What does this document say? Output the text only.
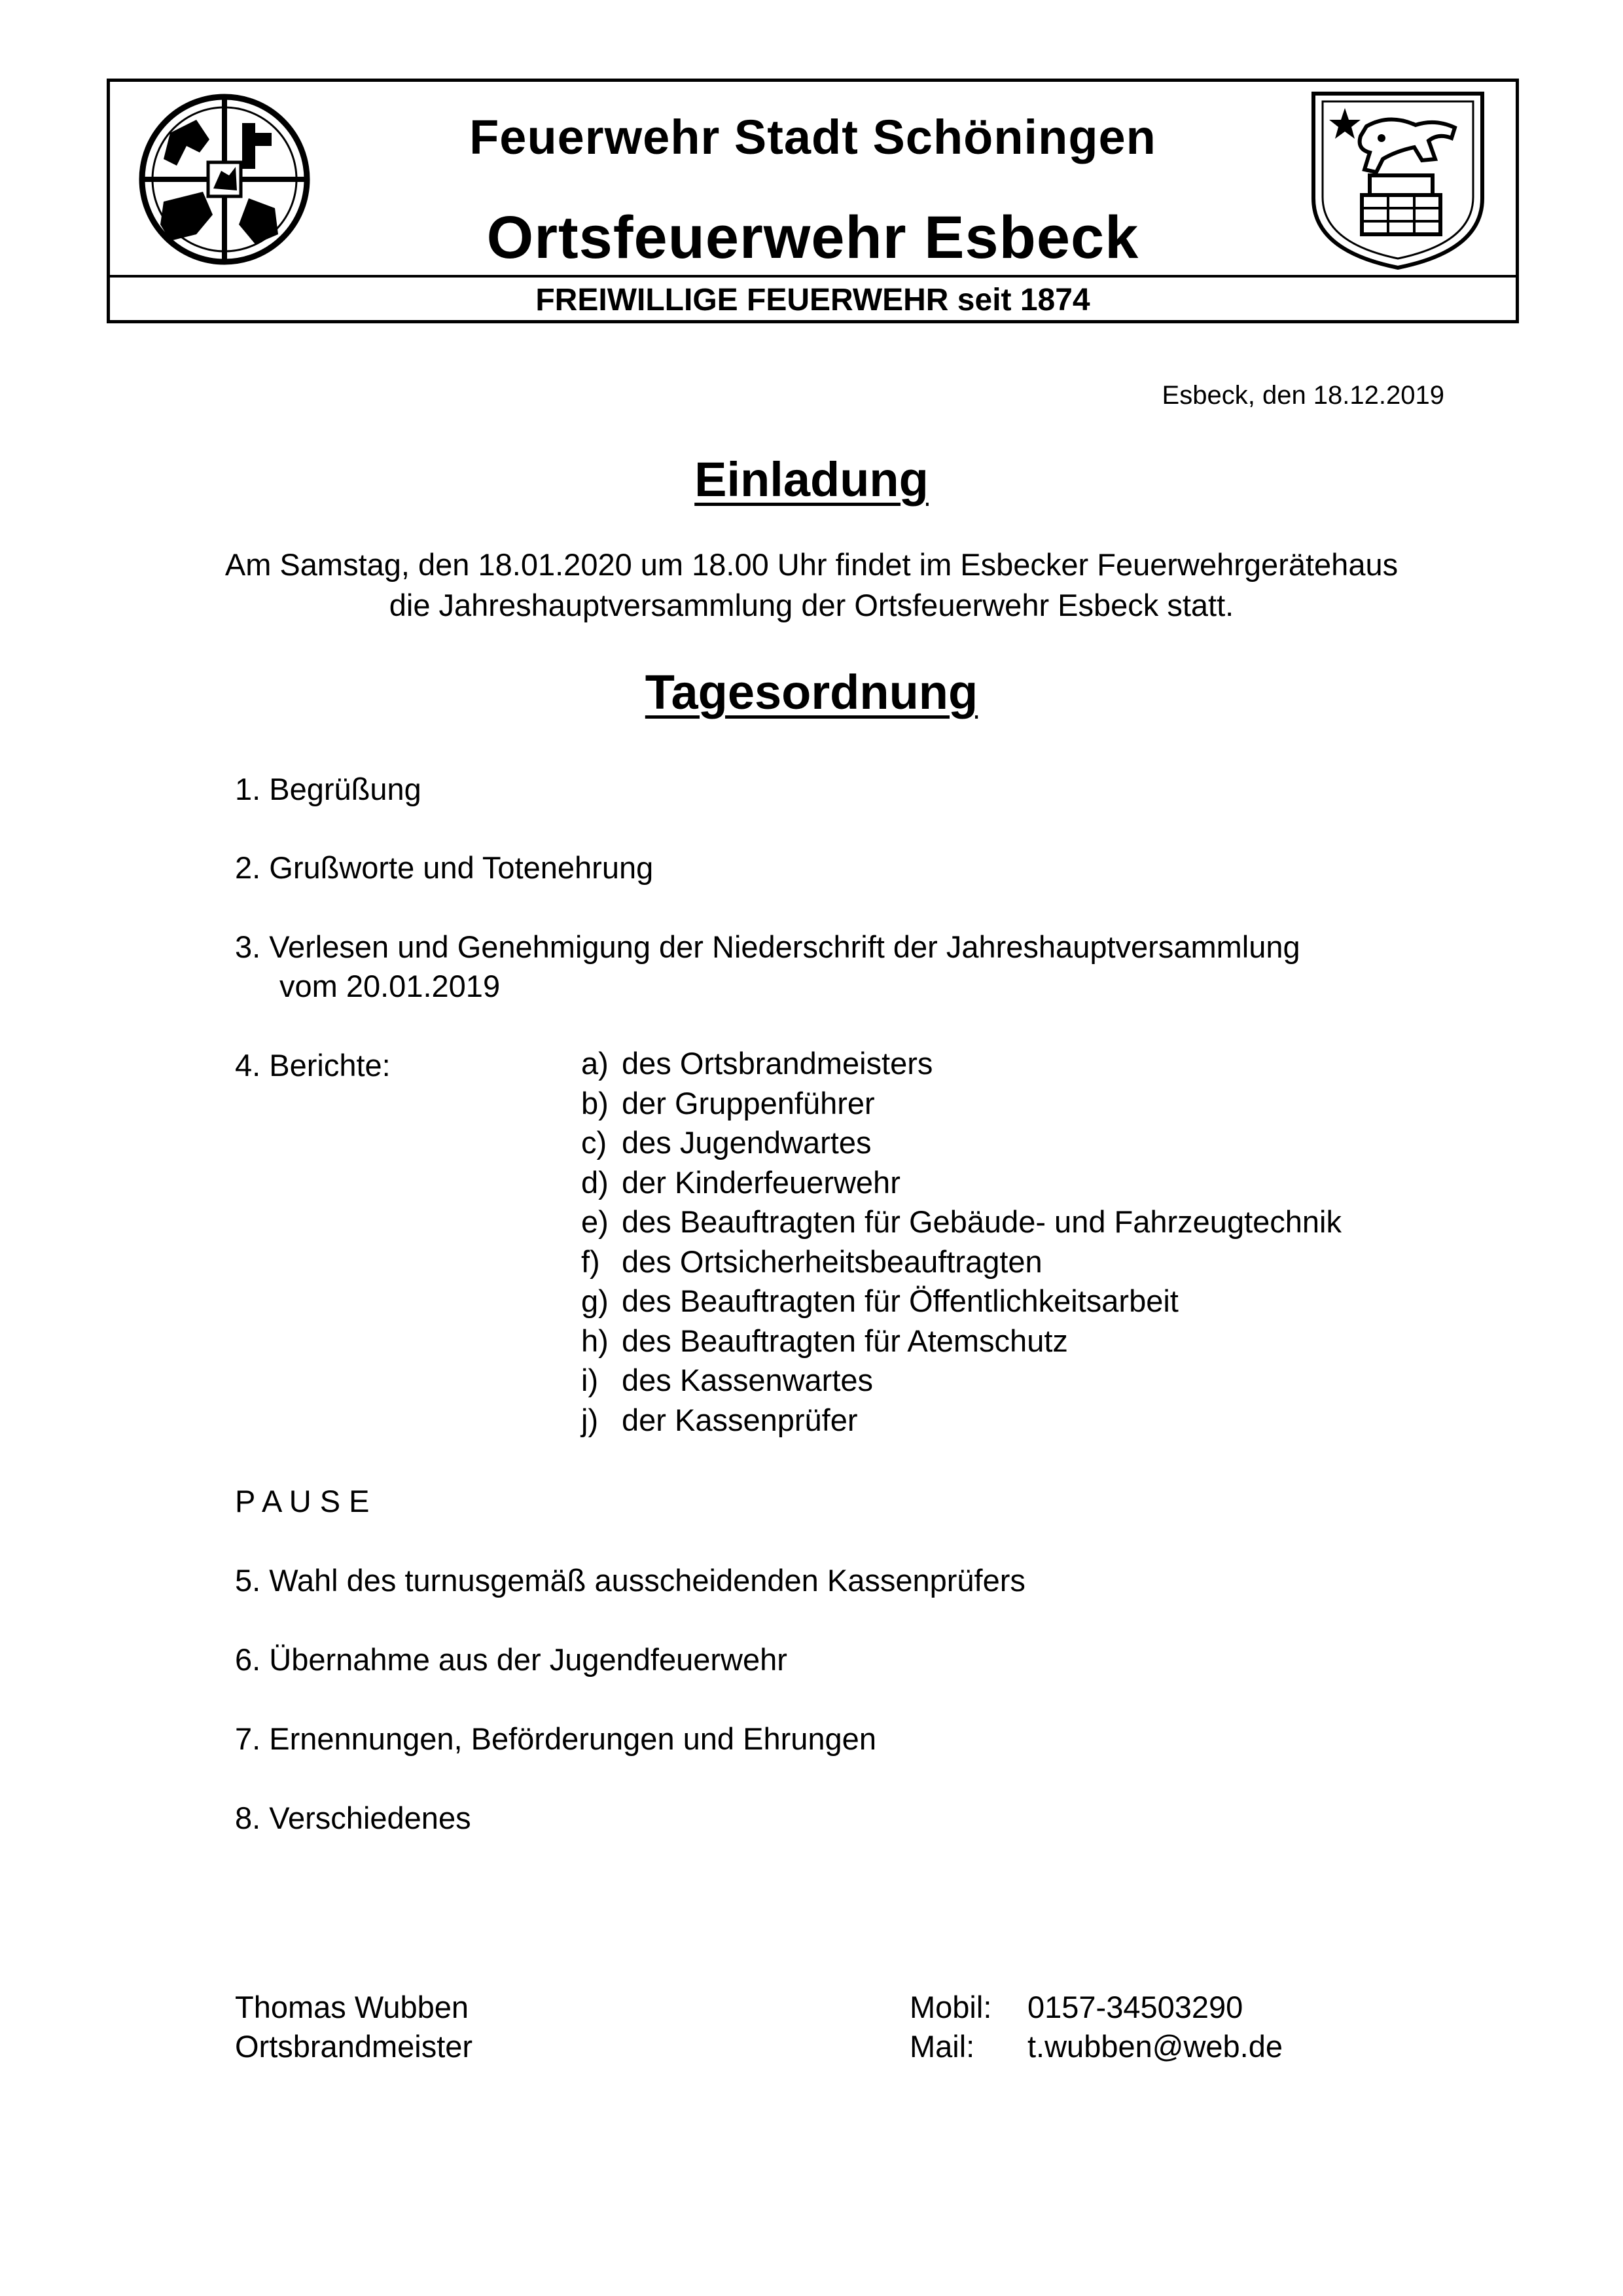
Feuerwehr Stadt Schöningen
Ortsfeuerwehr Esbeck
FREIWILLIGE FEUERWEHR seit 1874
Esbeck, den 18.12.2019
Einladung
Am Samstag, den 18.01.2020 um 18.00 Uhr findet im Esbecker Feuerwehrgerätehaus
die Jahreshauptversammlung der Ortsfeuerwehr Esbeck statt.
Tagesordnung
1. Begrüßung
2. Grußworte und Totenehrung
3. Verlesen und Genehmigung der Niederschrift der Jahreshauptversammlung
vom 20.01.2019
4. Berichte:	a) des Ortsbrandmeisters
b) der Gruppenführer
c) des Jugendwartes
d) der Kinderfeuerwehr
e) des Beauftragten für Gebäude- und Fahrzeugtechnik
f) des Ortsicherheitsbeauftragten
g) des Beauftragten für Öffentlichkeitsarbeit
h) des Beauftragten für Atemschutz
i) des Kassenwartes
j) der Kassenprüfer
P A U S E
5. Wahl des turnusgemäß ausscheidenden Kassenprüfers
6. Übernahme aus der Jugendfeuerwehr
7. Ernennungen, Beförderungen und Ehrungen
8. Verschiedenes
Thomas Wubben
Ortsbrandmeister
Mobil: 0157-34503290
Mail: t.wubben@web.de
